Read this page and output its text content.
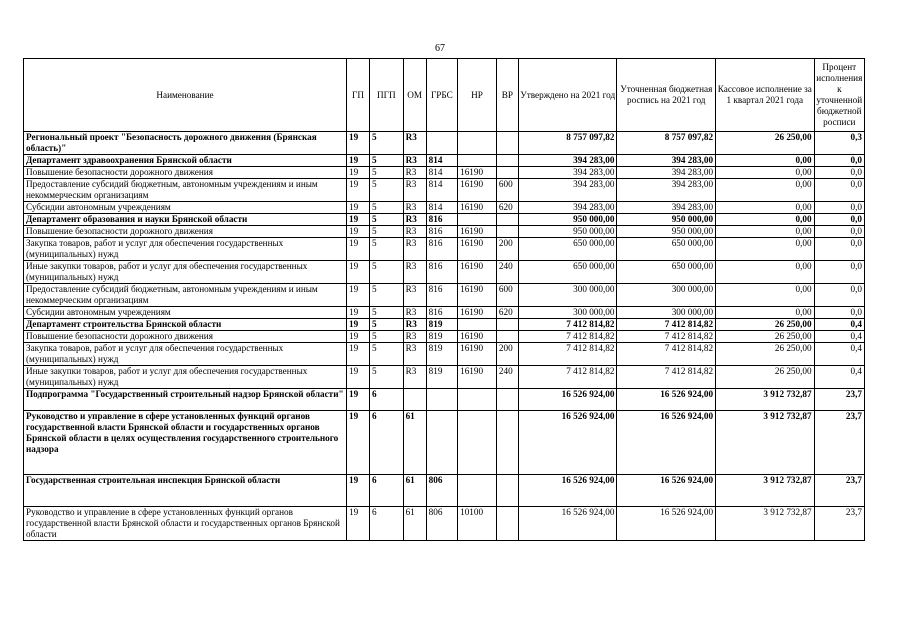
67
Наименование	ГП	ПГП	ОМ	ГРБС	НР	ВР	Утверждено на 2021 год	Уточненная бюджетная роспись на 2021 год	Кассовое исполнение за 1 квартал 2021 года	Процент исполнения к уточненной бюджетной росписи
Региональный проект "Безопасность дорожного движения (Брянская область)"	19	5	R3				8 757 097,82	8 757 097,82	26 250,00	0,3
Департамент здравоохранения Брянской области	19	5	R3	814			394 283,00	394 283,00	0,00	0,0
Повышение безопасности дорожного движения	19	5	R3	814	16190		394 283,00	394 283,00	0,00	0,0
Предоставление субсидий бюджетным, автономным учреждениям и иным некоммерческим организациям	19	5	R3	814	16190	600	394 283,00	394 283,00	0,00	0,0
Субсидии автономным учреждениям	19	5	R3	814	16190	620	394 283,00	394 283,00	0,00	0,0
Департамент образования и науки Брянской области	19	5	R3	816			950 000,00	950 000,00	0,00	0,0
Повышение безопасности дорожного движения	19	5	R3	816	16190		950 000,00	950 000,00	0,00	0,0
Закупка товаров, работ и услуг для обеспечения государственных (муниципальных) нужд	19	5	R3	816	16190	200	650 000,00	650 000,00	0,00	0,0
Иные закупки товаров, работ и услуг для обеспечения государственных (муниципальных) нужд	19	5	R3	816	16190	240	650 000,00	650 000,00	0,00	0,0
Предоставление субсидий бюджетным, автономным учреждениям и иным некоммерческим организациям	19	5	R3	816	16190	600	300 000,00	300 000,00	0,00	0,0
Субсидии автономным учреждениям	19	5	R3	816	16190	620	300 000,00	300 000,00	0,00	0,0
Департамент строительства Брянской области	19	5	R3	819			7 412 814,82	7 412 814,82	26 250,00	0,4
Повышение безопасности дорожного движения	19	5	R3	819	16190		7 412 814,82	7 412 814,82	26 250,00	0,4
Закупка товаров, работ и услуг для обеспечения государственных (муниципальных) нужд	19	5	R3	819	16190	200	7 412 814,82	7 412 814,82	26 250,00	0,4
Иные закупки товаров, работ и услуг для обеспечения государственных (муниципальных) нужд	19	5	R3	819	16190	240	7 412 814,82	7 412 814,82	26 250,00	0,4
Подпрограмма "Государственный строительный надзор Брянской области"	19	6					16 526 924,00	16 526 924,00	3 912 732,87	23,7
Руководство и управление в сфере установленных функций органов государственной власти Брянской области и государственных органов Брянской области в целях осуществления государственного строительного надзора	19	6	61				16 526 924,00	16 526 924,00	3 912 732,87	23,7
Государственная строительная инспекция Брянской области	19	6	61	806			16 526 924,00	16 526 924,00	3 912 732,87	23,7
Руководство и управление в сфере установленных функций органов государственной власти Брянской области и государственных органов Брянской области	19	6	61	806	10100		16 526 924,00	16 526 924,00	3 912 732,87	23,7
